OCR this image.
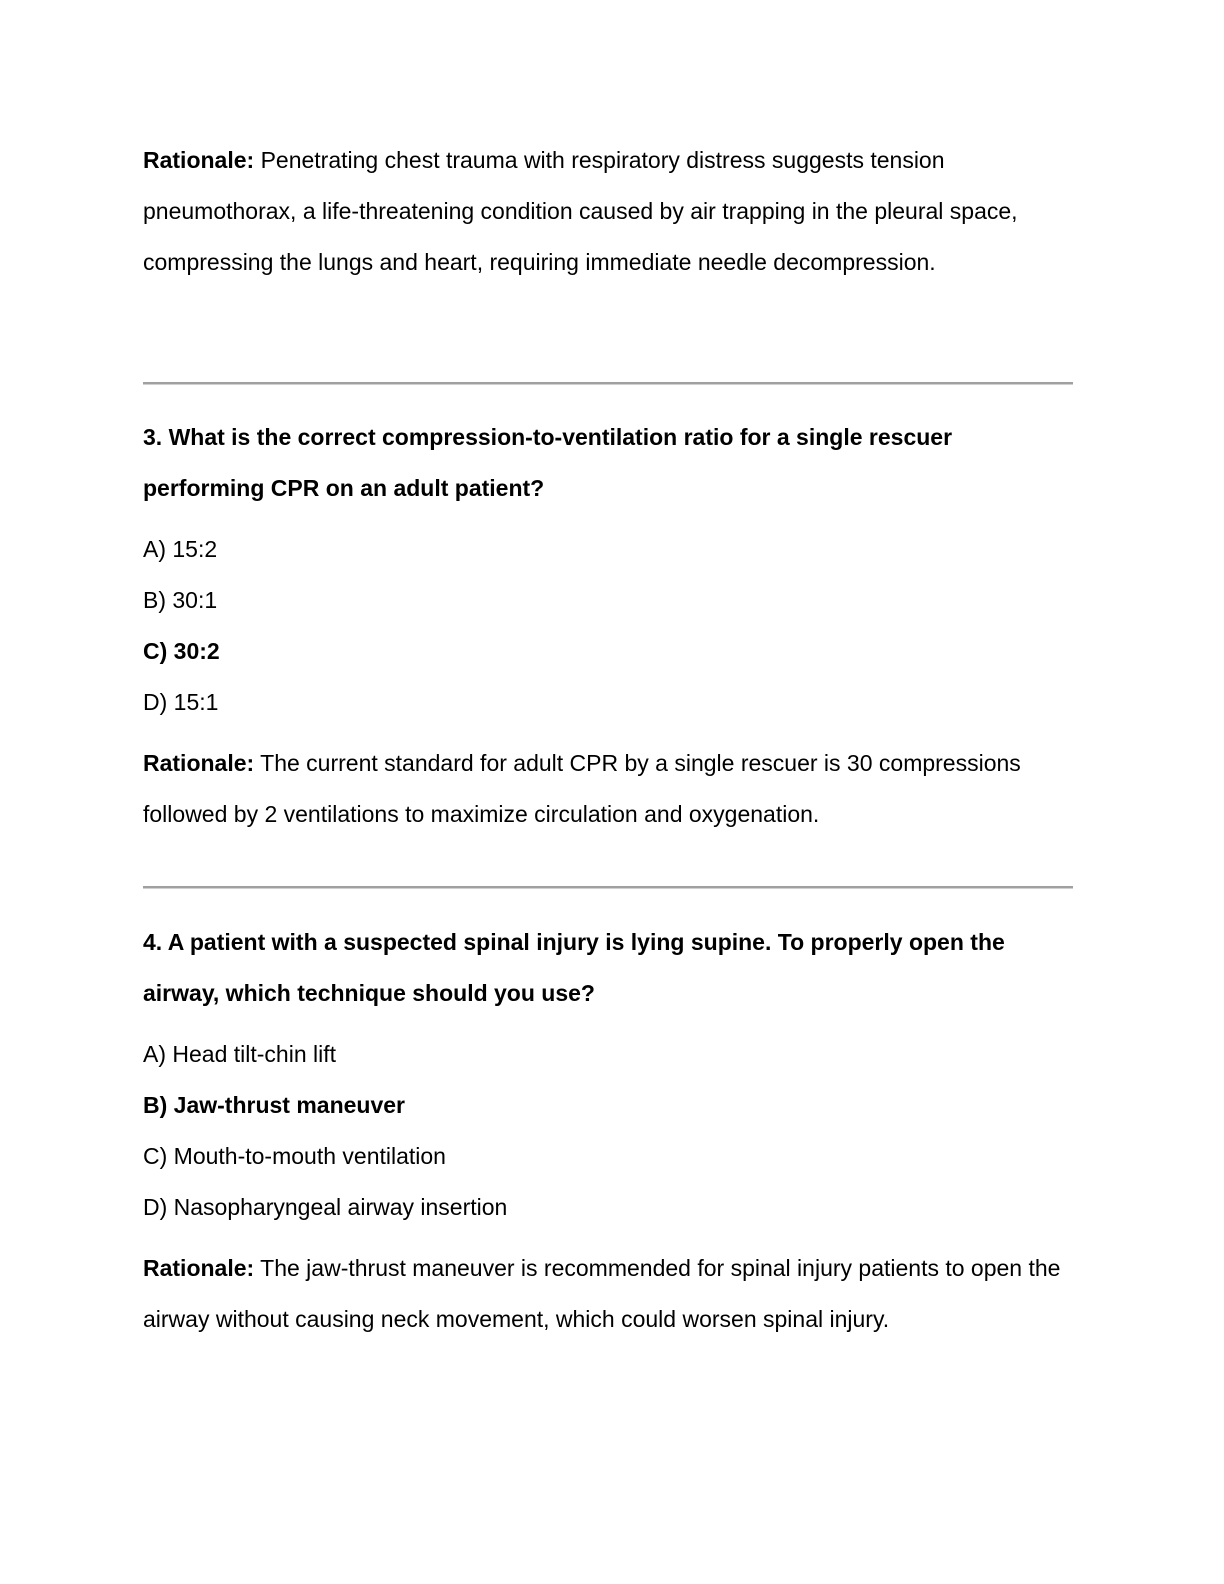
Rationale: Penetrating chest trauma with respiratory distress suggests tension pneumothorax, a life-threatening condition caused by air trapping in the pleural space, compressing the lungs and heart, requiring immediate needle decompression.

3. What is the correct compression-to-ventilation ratio for a single rescuer performing CPR on an adult patient?

A) 15:2

B) 30:1

C) 30:2

D) 15:1

Rationale: The current standard for adult CPR by a single rescuer is 30 compressions followed by 2 ventilations to maximize circulation and oxygenation.

4. A patient with a suspected spinal injury is lying supine. To properly open the airway, which technique should you use?

A) Head tilt-chin lift

B) Jaw-thrust maneuver

C) Mouth-to-mouth ventilation

D) Nasopharyngeal airway insertion

Rationale: The jaw-thrust maneuver is recommended for spinal injury patients to open the airway without causing neck movement, which could worsen spinal injury.
